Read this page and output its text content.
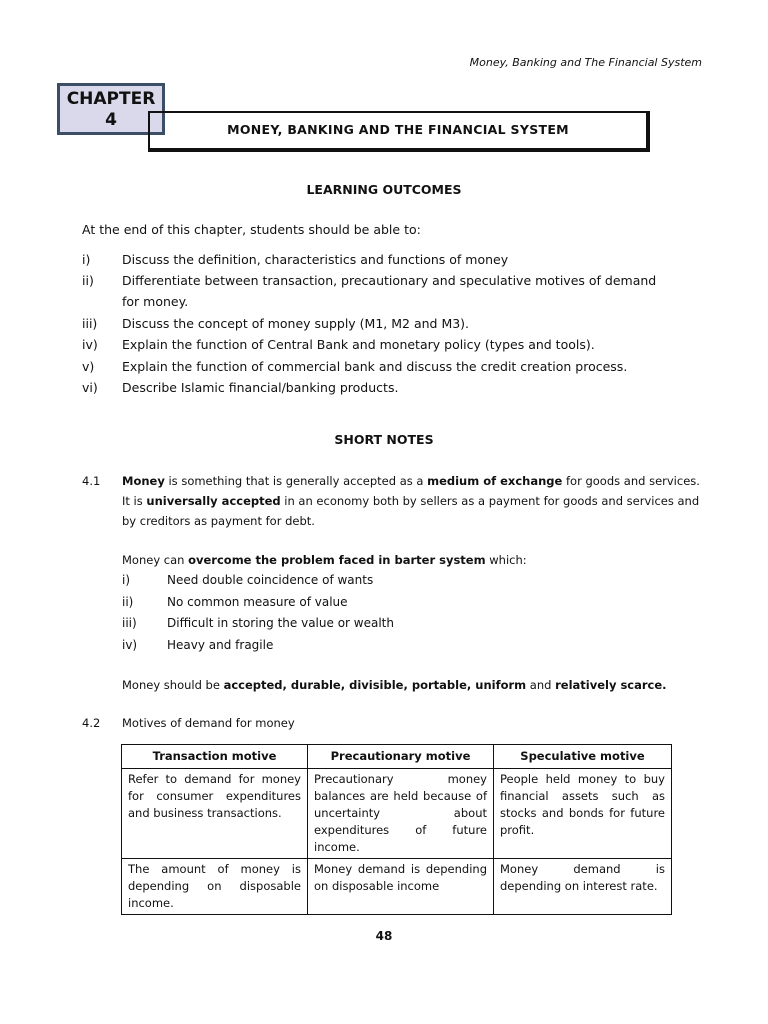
Money, Banking and The Financial System
CHAPTER
4	MONEY, BANKING AND THE FINANCIAL SYSTEM
LEARNING OUTCOMES
At the end of this chapter, students should be able to:
i)	Discuss the definition, characteristics and functions of money
ii) Differentiate between transaction, precautionary and speculative motives of demand
for money.
iii) Discuss the concept of money supply (M1, M2 and M3).
iv) Explain the function of Central Bank and monetary policy (types and tools).
v) Explain the function of commercial bank and discuss the credit creation process.
vi) Describe Islamic financial/banking products.
SHORT NOTES
4.1 Money is something that is generally accepted as a medium of exchange for goods and services.
It is universally accepted in an economy both by sellers as a payment for goods and services and
by creditors as payment for debt.
Money can overcome the problem faced in barter system which:
i)	Need double coincidence of wants
ii)	No common measure of value
iii)	Difficult in storing the value or wealth
iv) Heavy and fragile
Money should be accepted, durable, divisible, portable, uniform and relatively scarce.
4.2 Motives of demand for money
Transaction motive	Precautionary motive	Speculative motive
Refer to demand for money for consumer expenditures and business transactions.	Precautionary money balances are held because of uncertainty about expenditures of future income.	People held money to buy financial assets such as stocks and bonds for future profit.
The amount of money is depending on disposable income.	Money demand is depending on disposable income	Money demand is depending on interest rate.
48
